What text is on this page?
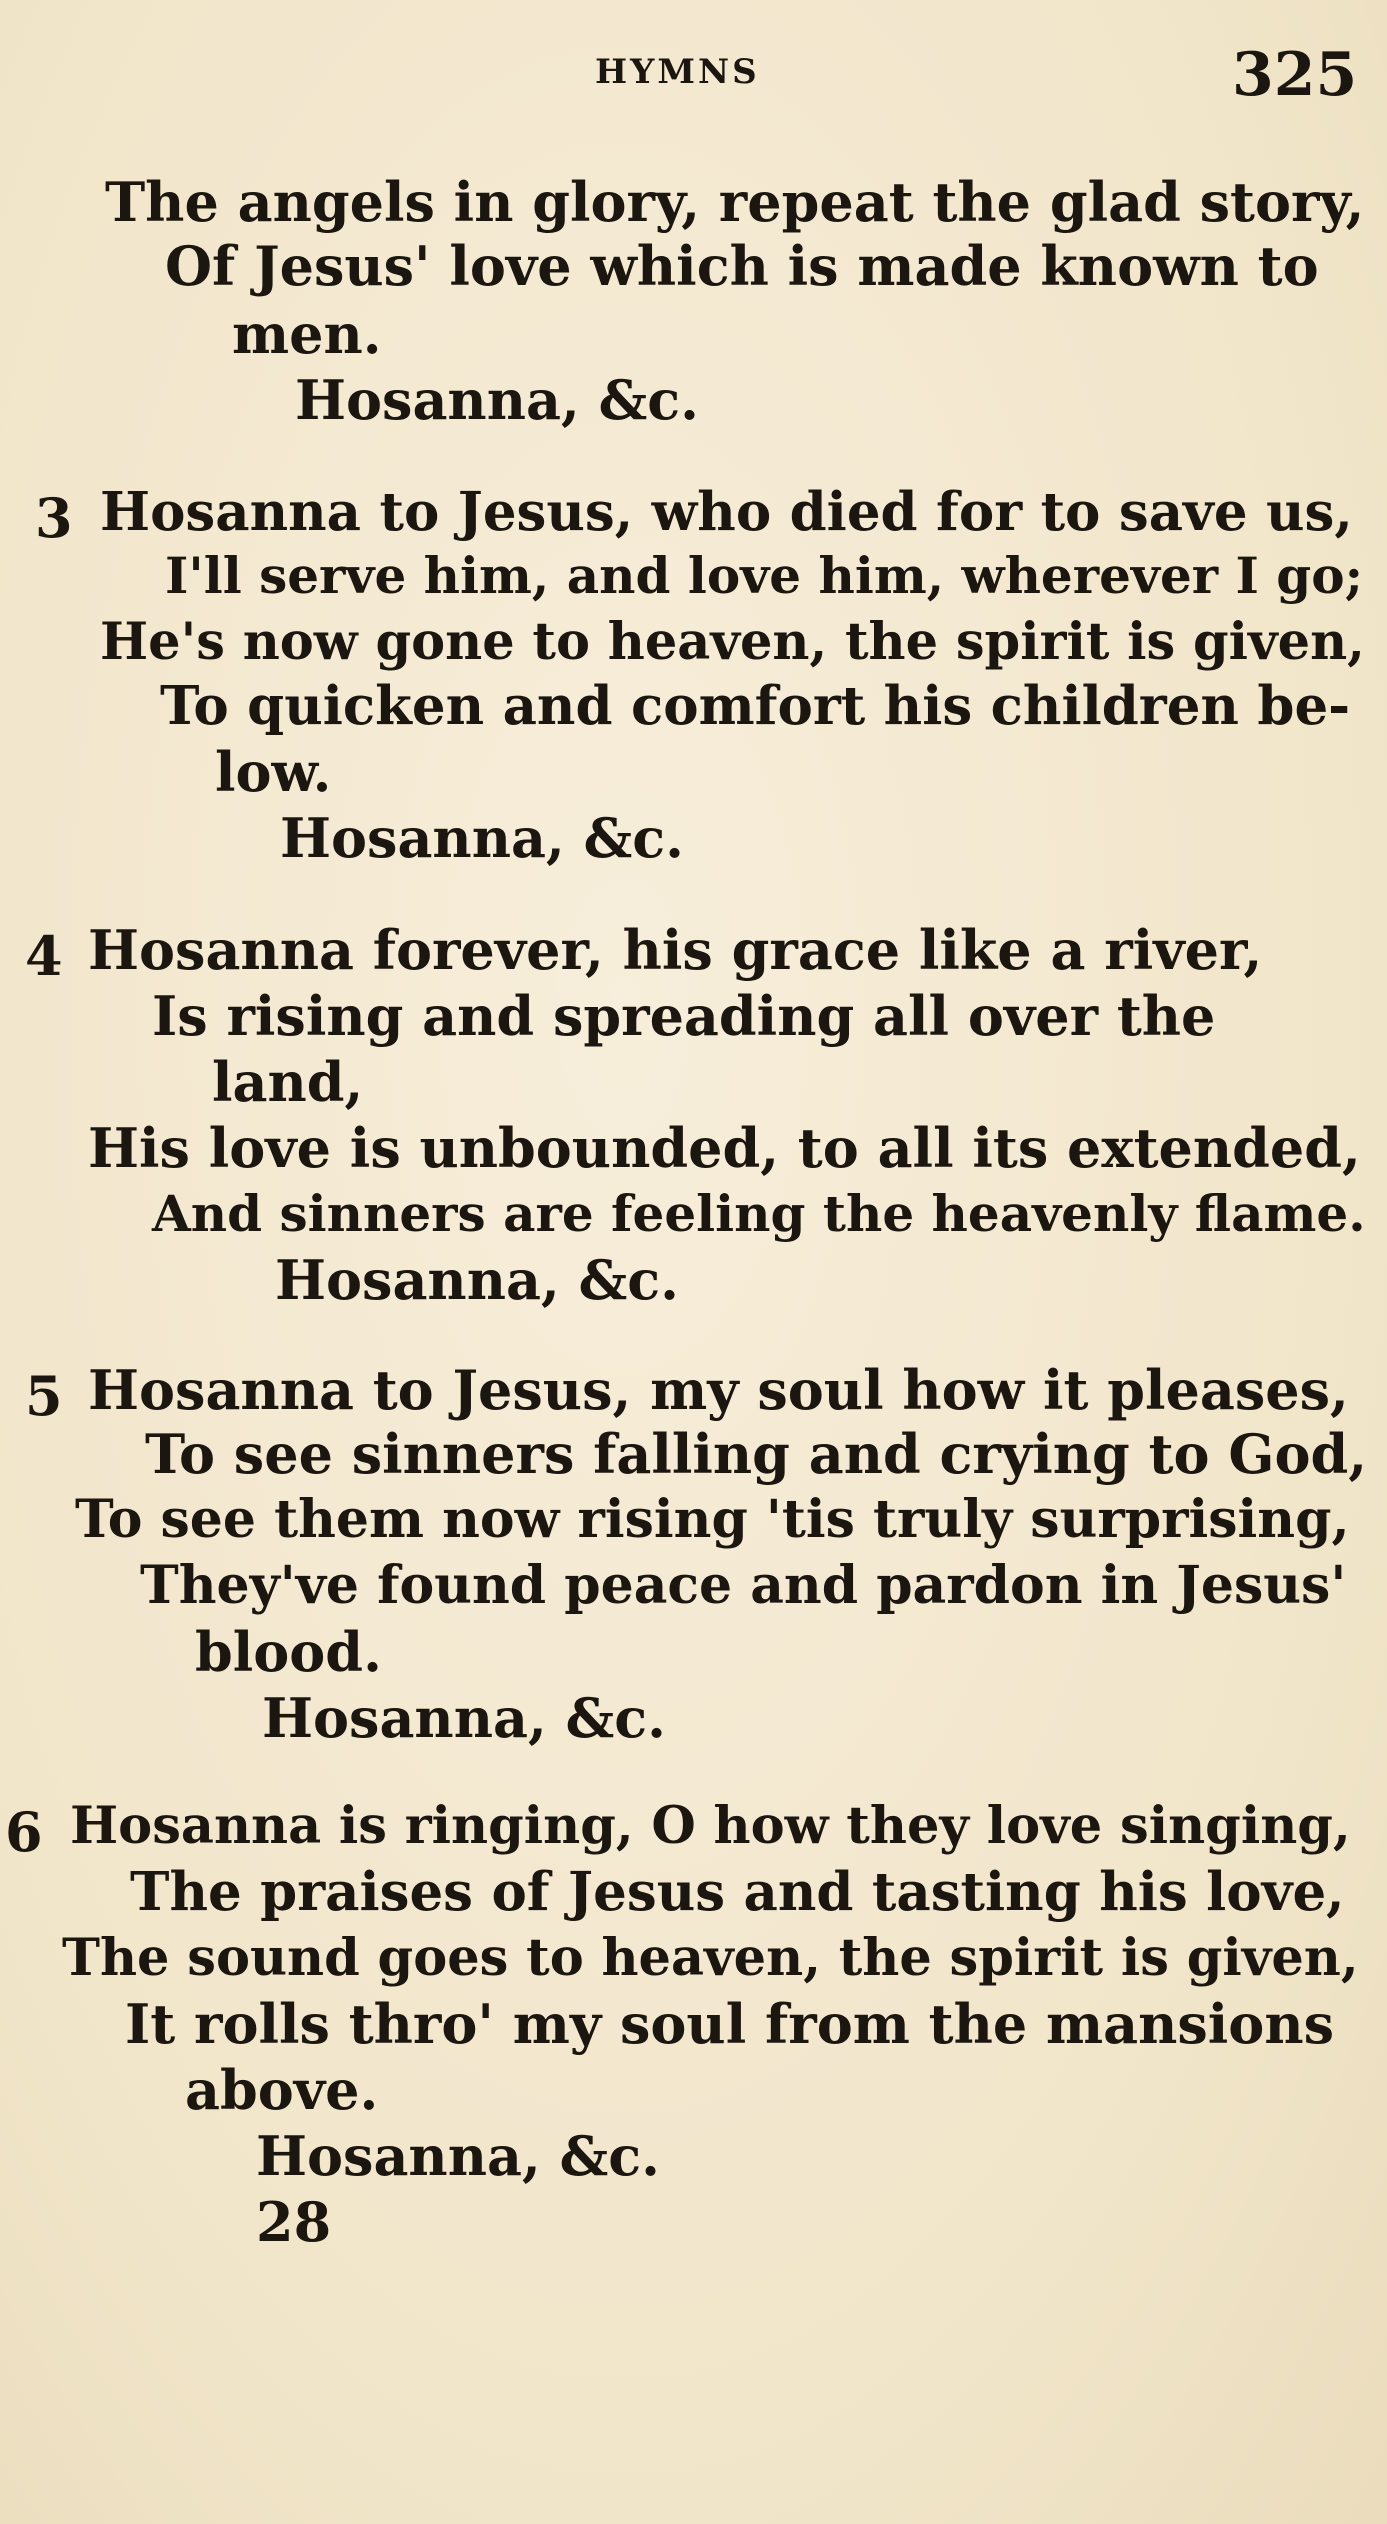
HYMNS	325
The angels in glory, repeat the glad story,
Of Jesus' love which is made known to
men.
Hosanna, &c.
3 Hosanna to Jesus, who died for to save us,
I'll serve him, and love him, wherever I go;
He's now gone to heaven, the spirit is given,
To quicken and comfort his children be-
low.
Hosanna, &c.
4 Hosanna forever, his grace like a river,
Is rising and spreading all over the
land,
His love is unbounded, to all its extended,
And sinners are feeling the heavenly flame.
Hosanna, &c.
5 Hosanna to Jesus, my soul how it pleases,
To see sinners falling and crying to God,
To see them now rising 'tis truly surprising,
They've found peace and pardon in Jesus'
blood.
Hosanna, &c.
6 Hosanna is ringing, O how they love singing,
The praises of Jesus and tasting his love,
The sound goes to heaven, the spirit is given,
It rolls thro' my soul from the mansions
above.
Hosanna, &c.
28
